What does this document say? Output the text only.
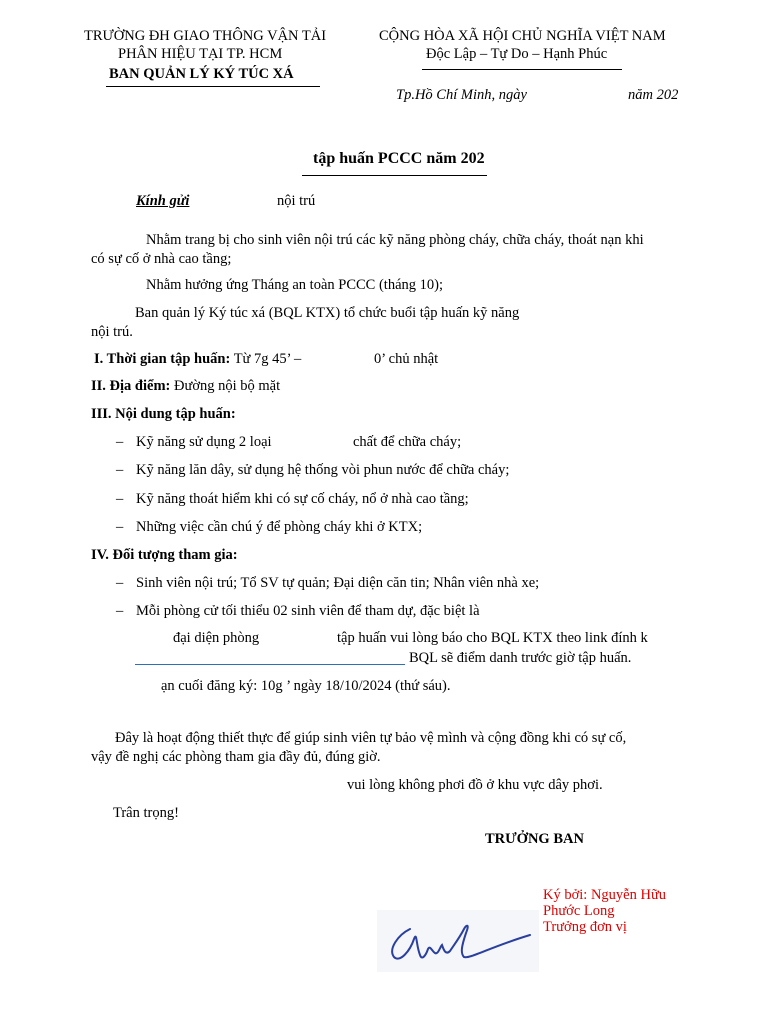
TRƯỜNG ĐH GIAO THÔNG VẬN TẢI
PHÂN HIỆU TẠI TP. HCM
BAN QUẢN LÝ KÝ TÚC XÁ
CỘNG HÒA XÃ HỘI CHỦ NGHĨA VIỆT NAM
Độc Lập – Tự Do – Hạnh Phúc
Tp.Hồ Chí Minh, ngày	năm 202
tập huấn PCCC năm 202
Kính gửi	nội trú
Nhằm trang bị cho sinh viên nội trú các kỹ năng phòng cháy, chữa cháy, thoát nạn khi
có sự cố ở nhà cao tầng;
Nhằm hưởng ứng Tháng an toàn PCCC (tháng 10);
Ban quản lý Ký túc xá (BQL KTX) tổ chức buổi tập huấn kỹ năng
nội trú.
I. Thời gian tập huấn: Từ 7g 45’ –	0’ chủ nhật
II. Địa điểm: Đường nội bộ mặt
III. Nội dung tập huấn:
– Kỹ năng sử dụng 2 loại	chất để chữa cháy;
– Kỹ năng lăn dây, sử dụng hệ thống vòi phun nước để chữa cháy;
– Kỹ năng thoát hiểm khi có sự cố cháy, nổ ở nhà cao tầng;
– Những việc cần chú ý để phòng cháy khi ở KTX;
IV. Đối tượng tham gia:
– Sinh viên nội trú; Tổ SV tự quản; Đại diện căn tin; Nhân viên nhà xe;
– Mỗi phòng cử tối thiểu 02 sinh viên để tham dự, đặc biệt là
đại diện phòng	tập huấn vui lòng báo cho BQL KTX theo link đính k
BQL sẽ điểm danh trước giờ tập huấn.
ạn cuối đăng ký: 10g ’ ngày 18/10/2024 (thứ sáu).
Đây là hoạt động thiết thực để giúp sinh viên tự bảo vệ mình và cộng đồng khi có sự cố,
vậy đề nghị các phòng tham gia đầy đủ, đúng giờ.
vui lòng không phơi đồ ở khu vực dây phơi.
Trân trọng!
TRƯỞNG BAN
Ký bởi: Nguyễn Hữu
Phước Long
Trưởng đơn vị
